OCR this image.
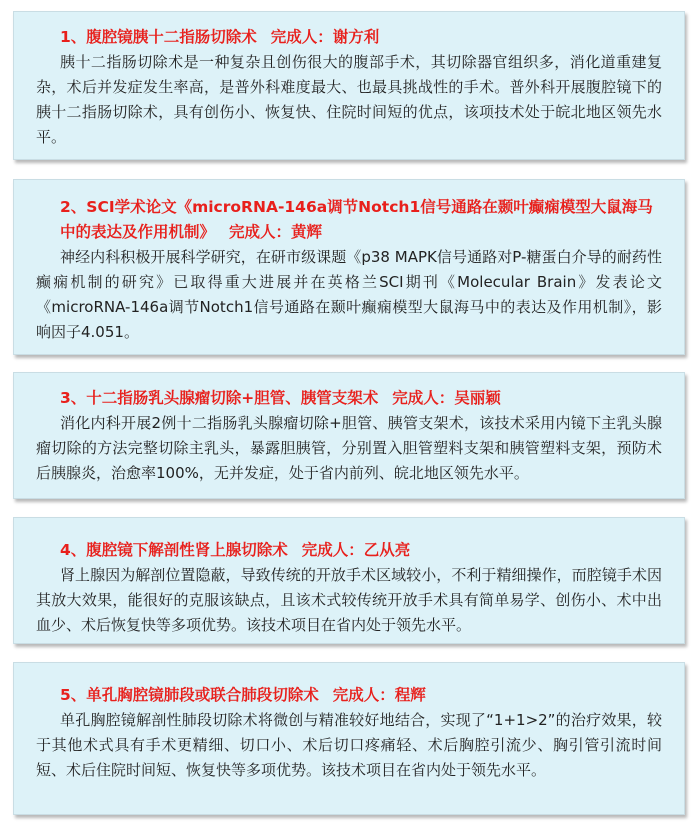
1、腹腔镜胰十二指肠切除术 完成人：谢方利

胰十二指肠切除术是一种复杂且创伤很大的腹部手术，其切除器官组织多，消化道重建复杂，术后并发症发生率高，是普外科难度最大、也最具挑战性的手术。普外科开展腹腔镜下的胰十二指肠切除术，具有创伤小、恢复快、住院时间短的优点，该项技术处于皖北地区领先水平。

2、SCI学术论文《microRNA-146a调节Notch1信号通路在颞叶癫痫模型大鼠海马中的表达及作用机制》 完成人：黄辉

神经内科积极开展科学研究，在研市级课题《p38 MAPK信号通路对P-糖蛋白介导的耐药性癫痫机制的研究》已取得重大进展并在英格兰SCI期刊《Molecular Brain》发表论文《microRNA-146a调节Notch1信号通路在颞叶癫痫模型大鼠海马中的表达及作用机制》，影响因子4.051。

3、十二指肠乳头腺瘤切除+胆管、胰管支架术 完成人：吴丽颖

消化内科开展2例十二指肠乳头腺瘤切除+胆管、胰管支架术，该技术采用内镜下主乳头腺瘤切除的方法完整切除主乳头，暴露胆胰管，分别置入胆管塑料支架和胰管塑料支架，预防术后胰腺炎，治愈率100%，无并发症，处于省内前列、皖北地区领先水平。

4、腹腔镜下解剖性肾上腺切除术 完成人：乙从亮

肾上腺因为解剖位置隐蔽，导致传统的开放手术区域较小，不利于精细操作，而腔镜手术因其放大效果，能很好的克服该缺点，且该术式较传统开放手术具有简单易学、创伤小、术中出血少、术后恢复快等多项优势。该技术项目在省内处于领先水平。

5、单孔胸腔镜肺段或联合肺段切除术 完成人：程辉

单孔胸腔镜解剖性肺段切除术将微创与精准较好地结合，实现了“1+1>2”的治疗效果，较于其他术式具有手术更精细、切口小、术后切口疼痛轻、术后胸腔引流少、胸引管引流时间短、术后住院时间短、恢复快等多项优势。该技术项目在省内处于领先水平。
